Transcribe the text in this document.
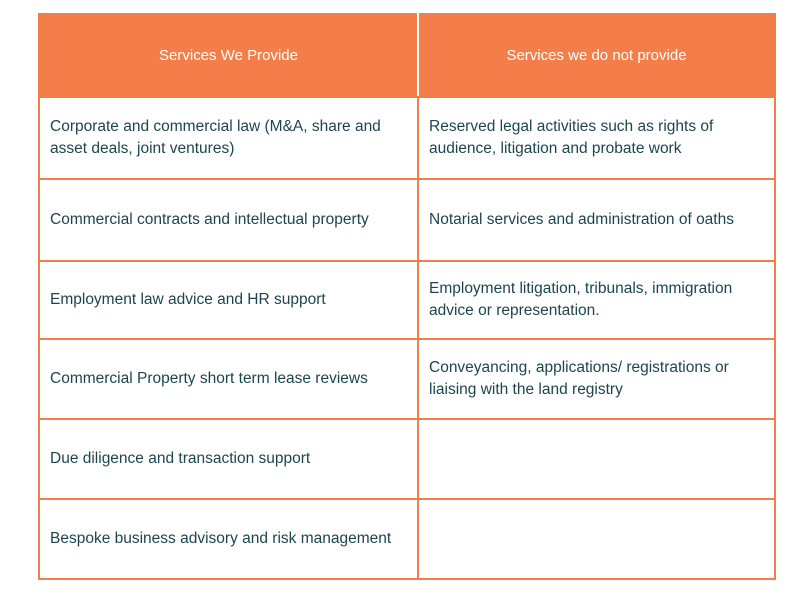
Services We Provide	Services we do not provide
Corporate and commercial law (M&A, share and asset deals, joint ventures)	Reserved legal activities such as rights of audience, litigation and probate work
Commercial contracts and intellectual property	Notarial services and administration of oaths
Employment law advice and HR support	Employment litigation, tribunals, immigration advice or representation.
Commercial Property short term lease reviews	Conveyancing, applications/ registrations or liaising with the land registry
Due diligence and transaction support	
Bespoke business advisory and risk management	
